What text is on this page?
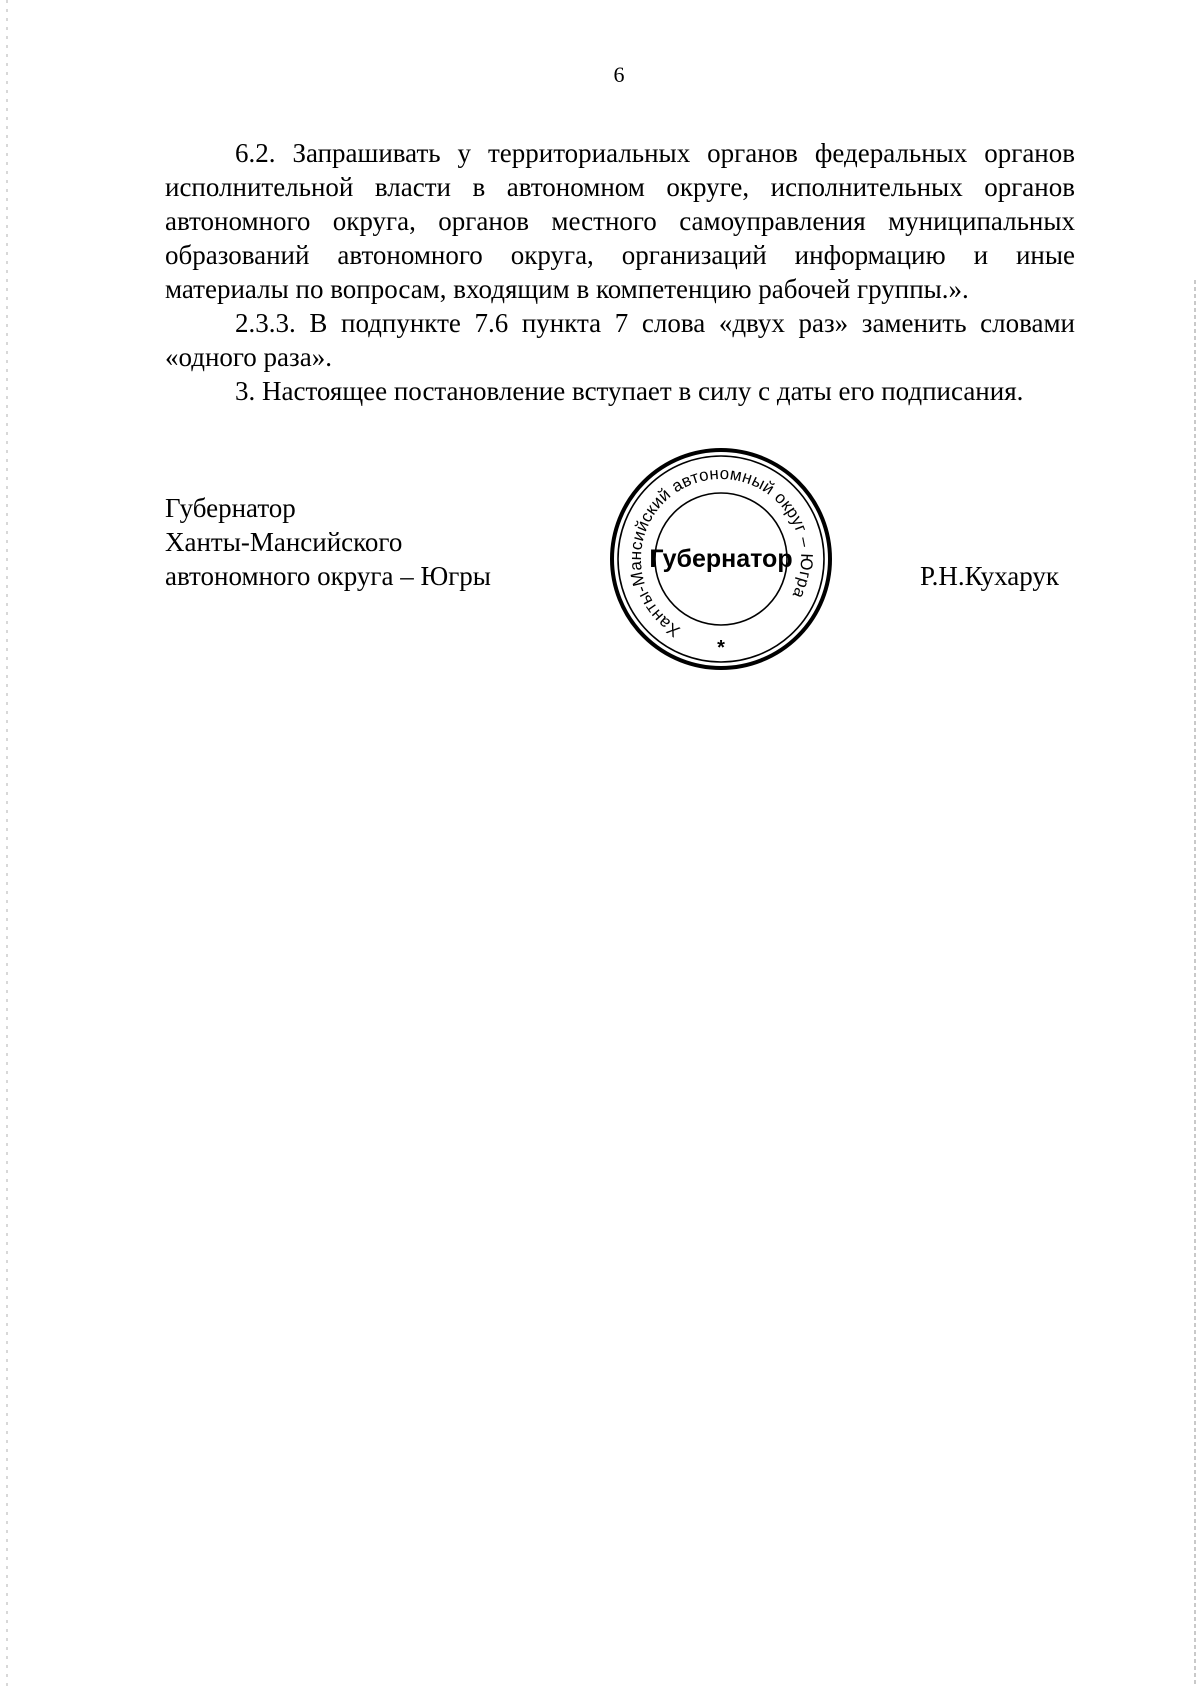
6

6.2. Запрашивать у территориальных органов федеральных органов исполнительной власти в автономном округе, исполнительных органов автономного округа, органов местного самоуправления муниципальных образований автономного округа, организаций информацию и иные материалы по вопросам, входящим в компетенцию рабочей группы.».

2.3.3. В подпункте 7.6 пункта 7 слова «двух раз» заменить словами «одного раза».

3. Настоящее постановление вступает в силу с даты его подписания.

Губернатор
Ханты-Мансийского
автономного округа – Югры
Ханты-Мансийский автономный округ – Югра
Губернатор
*
Р.Н.Кухарук
